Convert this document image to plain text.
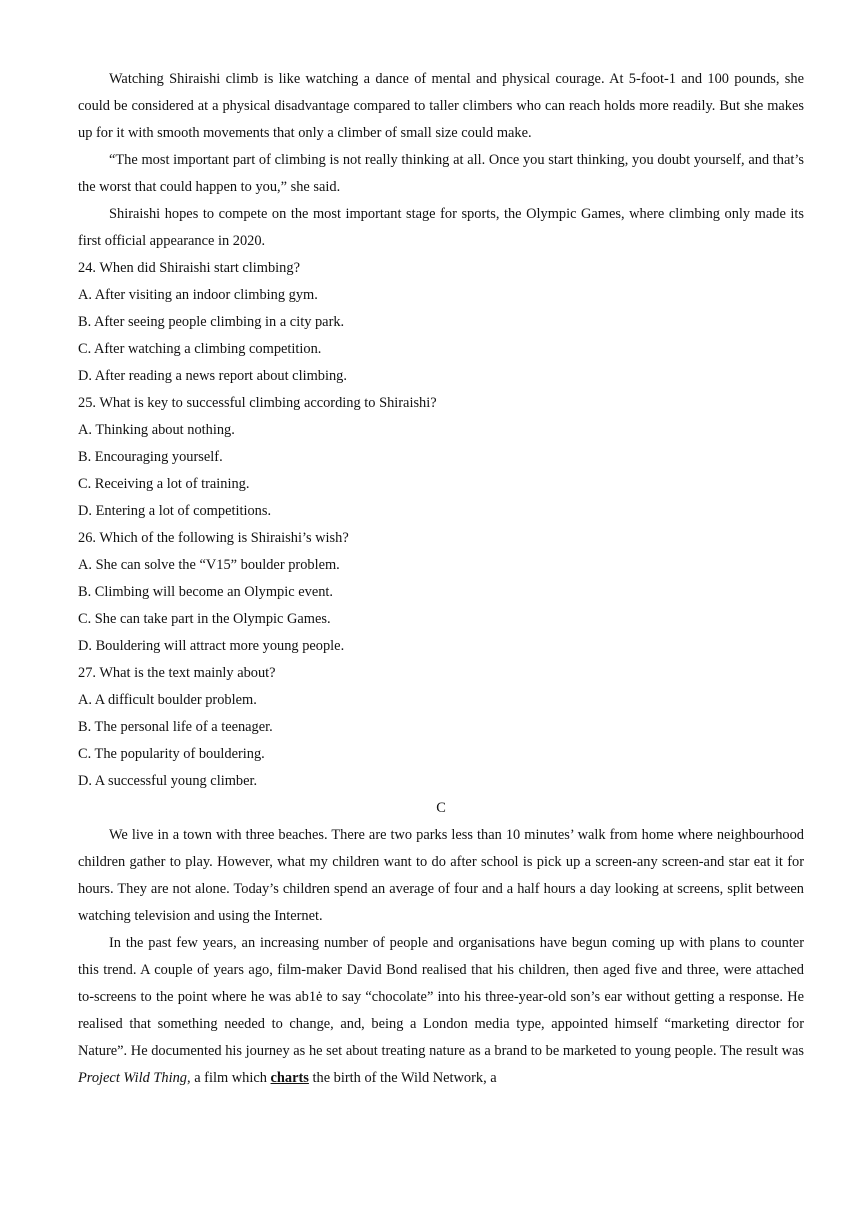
Watching Shiraishi climb is like watching a dance of mental and physical courage. At 5-foot-1 and 100 pounds, she could be considered at a physical disadvantage compared to taller climbers who can reach holds more readily. But she makes up for it with smooth movements that only a climber of small size could make.

“The most important part of climbing is not really thinking at all. Once you start thinking, you doubt yourself, and that’s the worst that could happen to you,” she said.

Shiraishi hopes to compete on the most important stage for sports, the Olympic Games, where climbing only made its first official appearance in 2020.

24. When did Shiraishi start climbing?

A. After visiting an indoor climbing gym.

B. After seeing people climbing in a city park.

C. After watching a climbing competition.

D. After reading a news report about climbing.

25. What is key to successful climbing according to Shiraishi?

A. Thinking about nothing.

B. Encouraging yourself.

C. Receiving a lot of training.

D. Entering a lot of competitions.

26. Which of the following is Shiraishi’s wish?

A. She can solve the “V15” boulder problem.

B. Climbing will become an Olympic event.

C. She can take part in the Olympic Games.

D. Bouldering will attract more young people.

27. What is the text mainly about?

A. A difficult boulder problem.

B. The personal life of a teenager.

C. The popularity of bouldering.

D. A successful young climber.

C

We live in a town with three beaches. There are two parks less than 10 minutes’ walk from home where neighbourhood children gather to play. However, what my children want to do after school is pick up a screen-any screen-and star eat it for hours. They are not alone. Today’s children spend an average of four and a half hours a day looking at screens, split between watching television and using the Internet.

In the past few years, an increasing number of people and organisations have begun coming up with plans to counter this trend. A couple of years ago, film-maker David Bond realised that his children, then aged five and three, were attached to-screens to the point where he was ab1ė to say “chocolate” into his three-year-old son’s ear without getting a response. He realised that something needed to change, and, being a London media type, appointed himself “marketing director for Nature”. He documented his journey as he set about treating nature as a brand to be marketed to young people. The result was Project Wild Thing, a film which charts the birth of the Wild Network, a
